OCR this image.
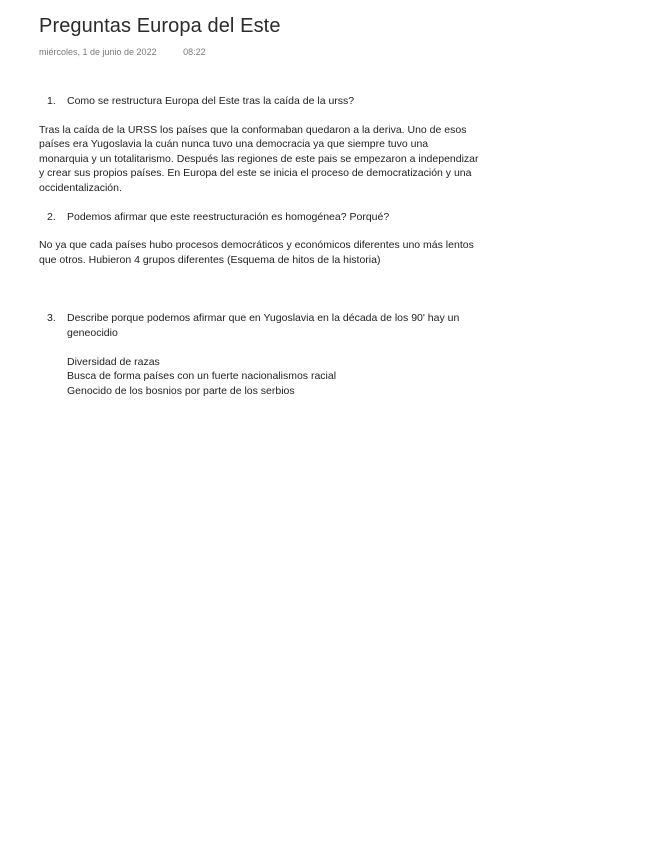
Preguntas Europa del Este
miércoles, 1 de junio de 2022	08:22
1.	Como se restructura Europa del Este tras la caída de la urss?

Tras la caída de la URSS los países que la conformaban quedaron a la deriva. Uno de esos países era Yugoslavia la cuán nunca tuvo una democracia ya que siempre tuvo una monarquia y un totalitarismo. Después las regiones de este pais se empezaron a independizar y crear sus propios países. En Europa del este se inicia el proceso de democratización y una occidentalización.

2.	Podemos afirmar que este reestructuración es homogénea? Porqué?

No ya que cada países hubo procesos democráticos y económicos diferentes uno más lentos que otros. Hubieron 4 grupos diferentes (Esquema de hitos de la historia)

3.	Describe porque podemos afirmar que en Yugoslavia en la década de los 90' hay un geneocidio
Diversidad de razas
Busca de forma países con un fuerte nacionalismos racial
Genocido de los bosnios por parte de los serbios
